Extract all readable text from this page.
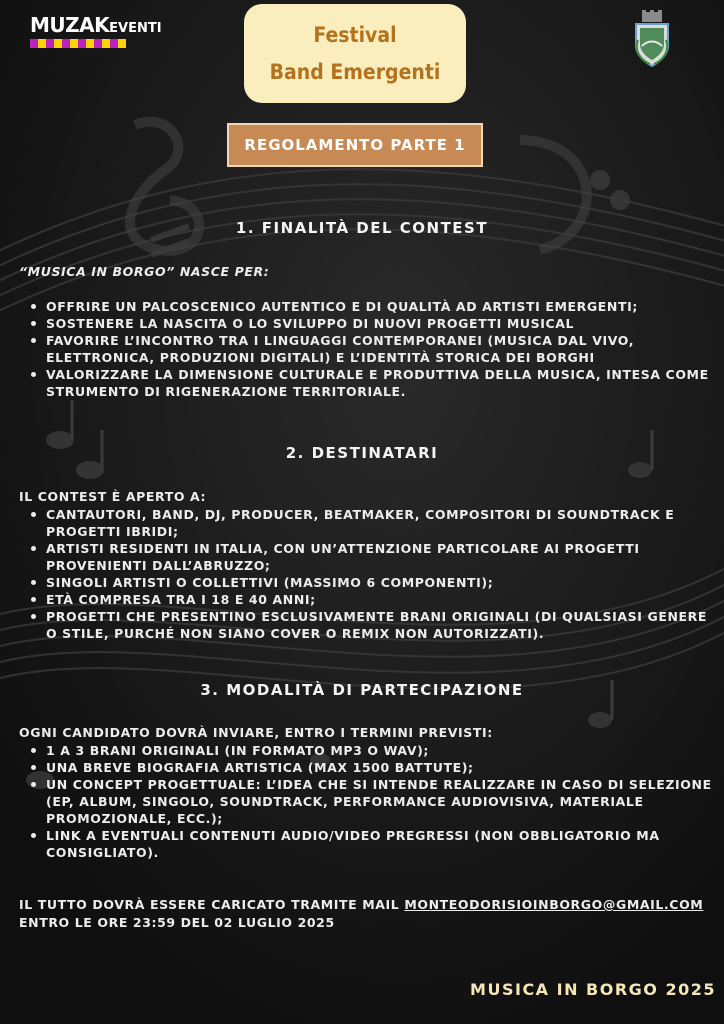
MUZAKEVENTI	Festival
Band Emergenti
REGOLAMENTO PARTE 1
1. FINALITÀ DEL CONTEST
“MUSICA IN BORGO” NASCE PER:
OFFRIRE UN PALCOSCENICO AUTENTICO E DI QUALITÀ AD ARTISTI EMERGENTI;
SOSTENERE LA NASCITA O LO SVILUPPO DI NUOVI PROGETTI MUSICAL
FAVORIRE L’INCONTRO TRA I LINGUAGGI CONTEMPORANEI (MUSICA DAL VIVO, ELETTRONICA, PRODUZIONI DIGITALI) E L’IDENTITÀ STORICA DEI BORGHI
VALORIZZARE LA DIMENSIONE CULTURALE E PRODUTTIVA DELLA MUSICA, INTESA COME STRUMENTO DI RIGENERAZIONE TERRITORIALE.
2. DESTINATARI
IL CONTEST È APERTO A:
CANTAUTORI, BAND, DJ, PRODUCER, BEATMAKER, COMPOSITORI DI SOUNDTRACK E PROGETTI IBRIDI;
ARTISTI RESIDENTI IN ITALIA, CON UN’ATTENZIONE PARTICOLARE AI PROGETTI PROVENIENTI DALL’ABRUZZO;
SINGOLI ARTISTI O COLLETTIVI (MASSIMO 6 COMPONENTI);
ETÀ COMPRESA TRA I 18 E 40 ANNI;
PROGETTI CHE PRESENTINO ESCLUSIVAMENTE BRANI ORIGINALI (DI QUALSIASI GENERE O STILE, PURCHÉ NON SIANO COVER O REMIX NON AUTORIZZATI).
3. MODALITÀ DI PARTECIPAZIONE
OGNI CANDIDATO DOVRÀ INVIARE, ENTRO I TERMINI PREVISTI:
1 A 3 BRANI ORIGINALI (IN FORMATO MP3 O WAV);
UNA BREVE BIOGRAFIA ARTISTICA (MAX 1500 BATTUTE);
UN CONCEPT PROGETTUALE: L’IDEA CHE SI INTENDE REALIZZARE IN CASO DI SELEZIONE (EP, ALBUM, SINGOLO, SOUNDTRACK, PERFORMANCE AUDIOVISIVA, MATERIALE PROMOZIONALE, ECC.);
LINK A EVENTUALI CONTENUTI AUDIO/VIDEO PREGRESSI (NON OBBLIGATORIO MA CONSIGLIATO).
IL TUTTO DOVRÀ ESSERE CARICATO TRAMITE MAIL MONTEODORISIOINBORGO@GMAIL.COM
ENTRO LE ORE 23:59 DEL 02 LUGLIO 2025
MUSICA IN BORGO 2025
